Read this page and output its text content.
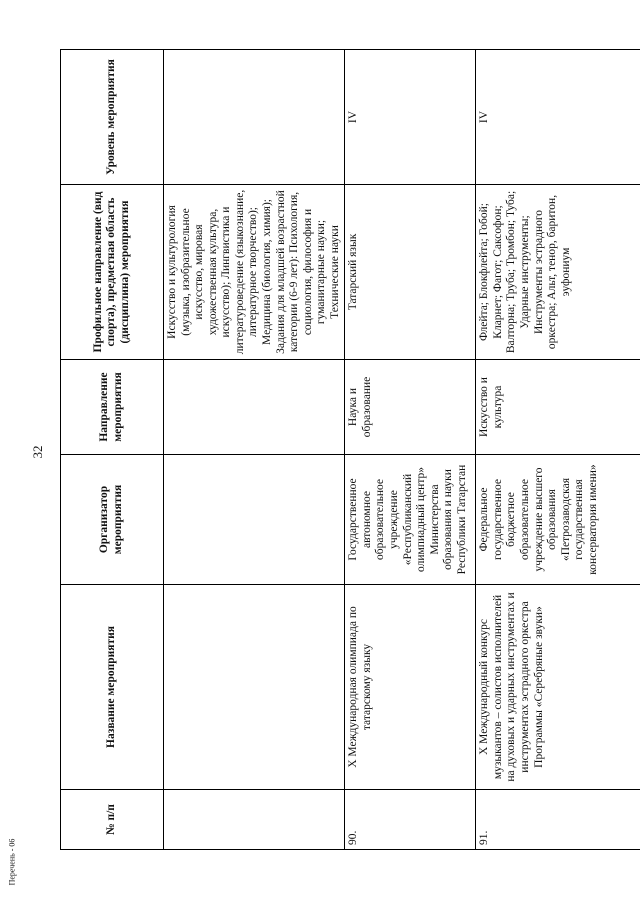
32
Перечень - 06
№ п/п	Название мероприятия	Организатор мероприятия	Направление мероприятия	Профильное направление (вид спорта), предметная область (дисциплина) мероприятия	Уровень мероприятия
				Искусство и культурология (музыка, изобразительное искусство, мировая художественная культура, искусство); Лингвистика и литературоведение (языкознание, литературное творчество); Медицина (биология, химия); Задания для младшей возрастной категории (6-9 лет): Психология, социология, философия и гуманитарные науки; Технические науки	
90.	X Международная олимпиада по татарскому языку	Государственное автономное образовательное учреждение «Республиканский олимпиадный центр» Министерства образования и науки Республики Татарстан	Наука и образование	Татарский язык	IV
91.	X Международный конкурс музыкантов – солистов исполнителей на духовых и ударных инструментах и инструментах эстрадного оркестра Программы «Серебряные звуки»	Федеральное государственное бюджетное образовательное учреждение высшего образования «Петрозаводская государственная консерватория имени»	Искусство и культура	Флейта; Блокфлейта; Гобой; Кларнет; Фагот; Саксофон; Валторна; Труба; Тромбон; Туба; Ударные инструменты; Инструменты эстрадного оркестра; Альт, тенор, баритон, эуфониум	IV
